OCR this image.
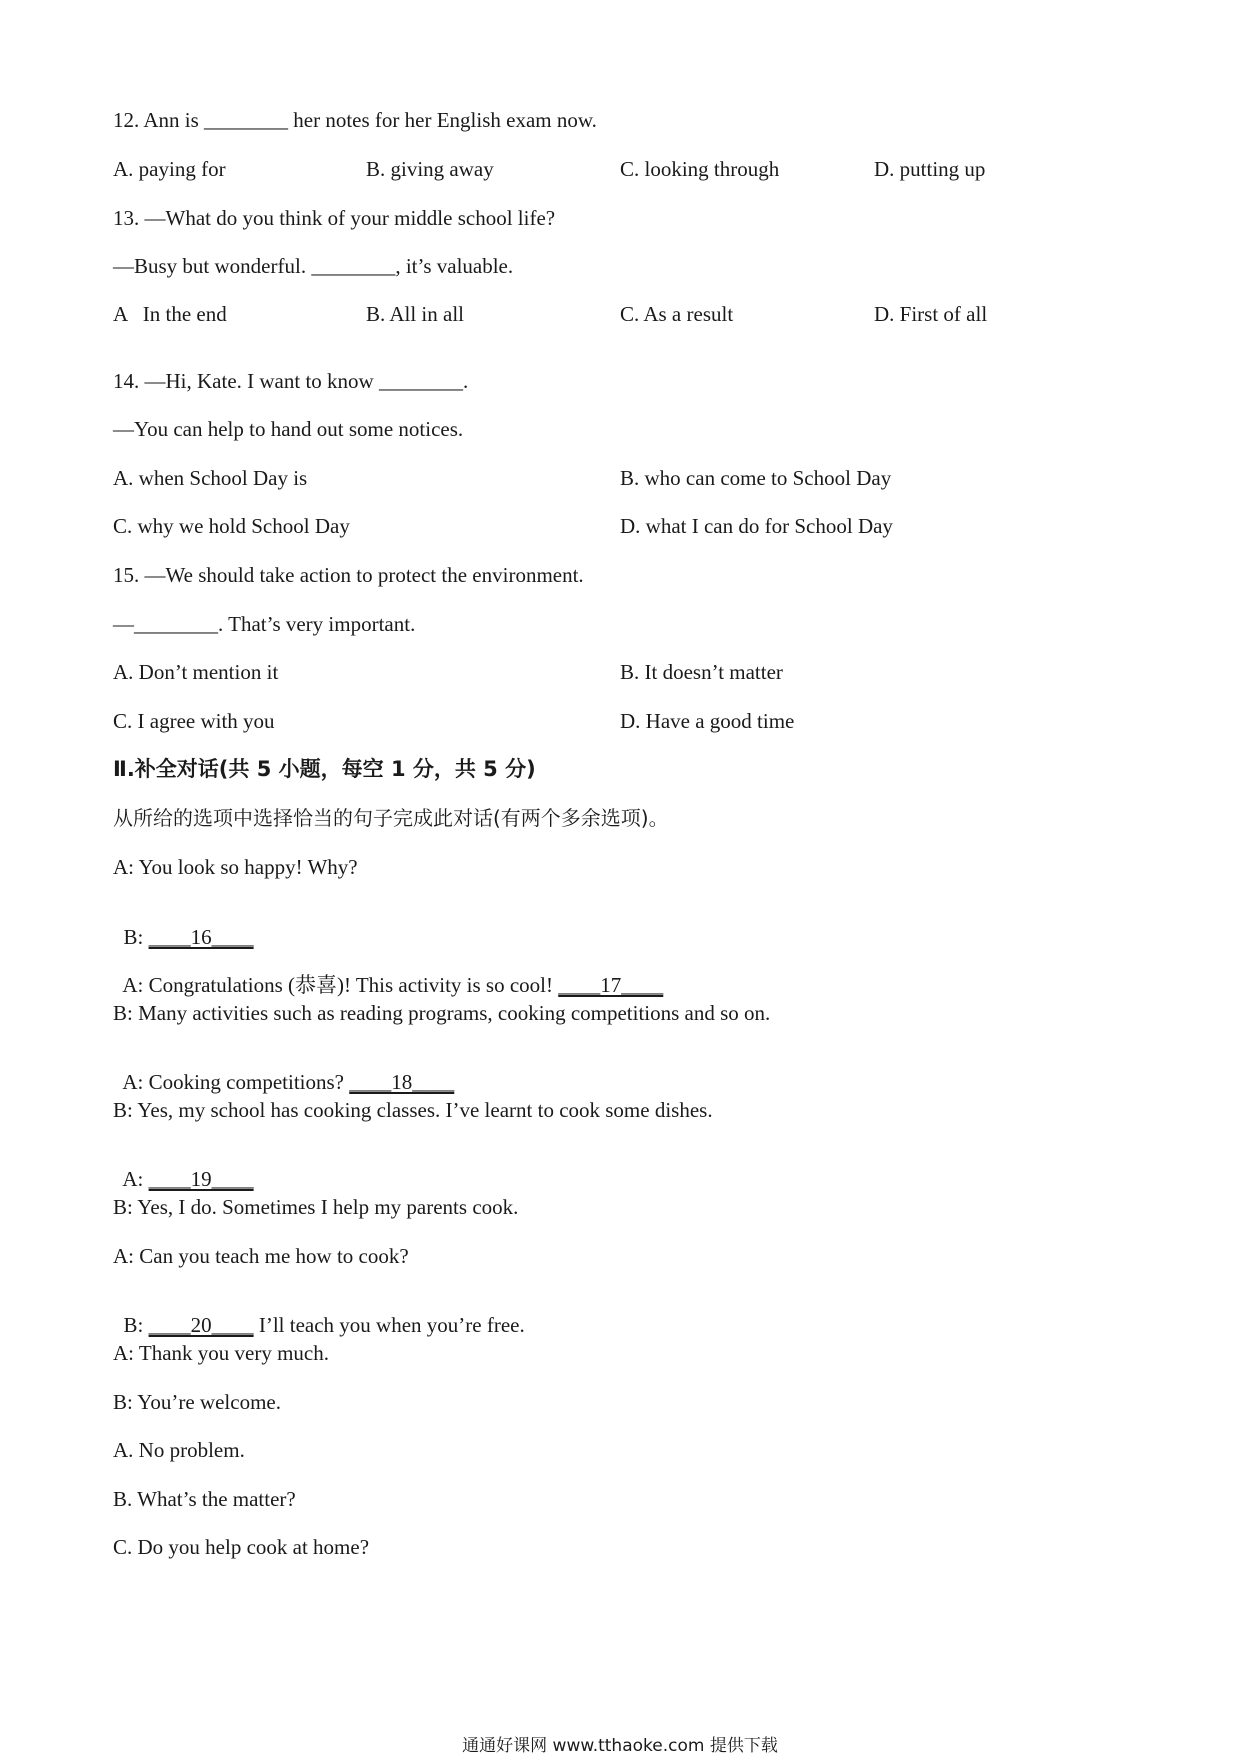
12. Ann is ________ her notes for her English exam now.
A. paying for	B. giving away	C. looking through	D. putting up
13. —What do you think of your middle school life?
—Busy but wonderful. ________, it’s valuable.
A   In the end	B. All in all	C. As a result	D. First of all
14. —Hi, Kate. I want to know ________.
—You can help to hand out some notices.
A. when School Day is	B. who can come to School Day
C. why we hold School Day	D. what I can do for School Day
15. —We should take action to protect the environment.
—________. That’s very important.
A. Don’t mention it	B. It doesn’t matter
C. I agree with you	D. Have a good time
Ⅱ.补全对话(共 5 小题，每空 1 分，共 5 分)
从所给的选项中选择恰当的句子完成此对话(有两个多余选项)。
A: You look so happy! Why?

B: ____16____

A: Congratulations (恭喜)! This activity is so cool! ____17____

B: Many activities such as reading programs, cooking competitions and so on.

A: Cooking competitions? ____18____

B: Yes, my school has cooking classes. I’ve learnt to cook some dishes.

A: ____19____

B: Yes, I do. Sometimes I help my parents cook.
A: Can you teach me how to cook?

B: ____20____ I’ll teach you when you’re free.

A: Thank you very much.
B: You’re welcome.
A. No problem.
B. What’s the matter?
C. Do you help cook at home?
通通好课网 www.tthaoke.com 提供下载
